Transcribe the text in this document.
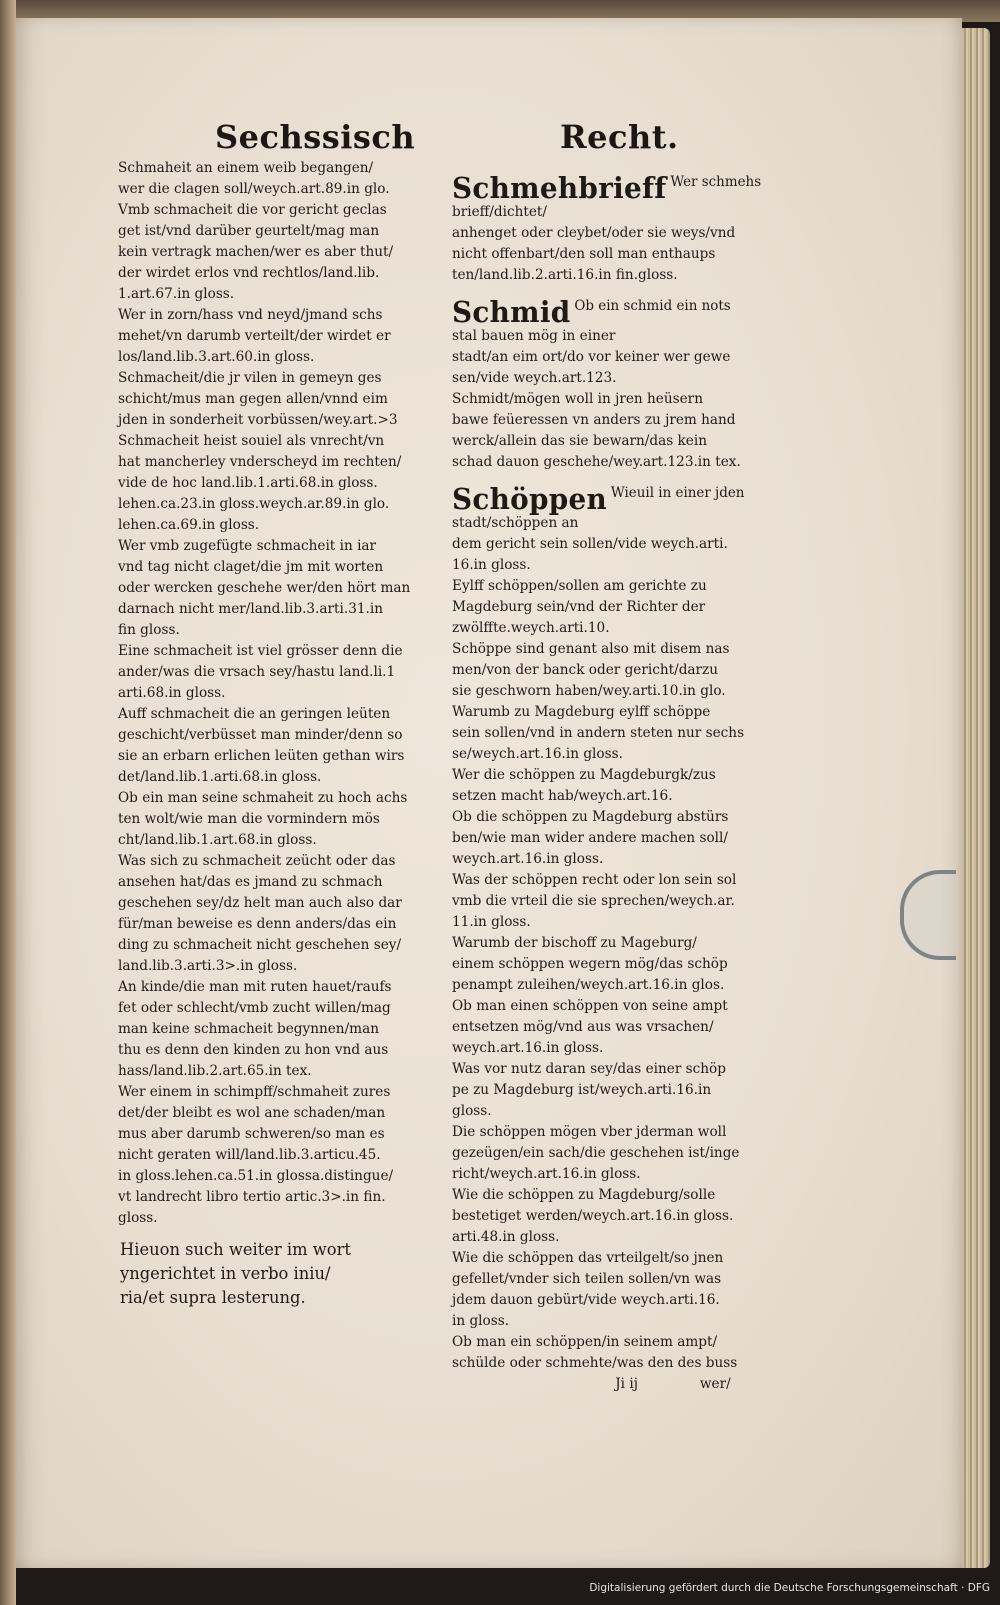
Sechssisch	Recht.
Schmaheit an einem weib begangen/
wer die clagen soll/weych.art.89.in glo.
Vmb schmacheit die vor gericht geclas
get ist/vnd darüber geurtelt/mag man
kein vertragk machen/wer es aber thut/
der wirdet erlos vnd rechtlos/land.lib.
1.art.67.in gloss.
Wer in zorn/hass vnd neyd/jmand schs
mehet/vn darumb verteilt/der wirdet er
los/land.lib.3.art.60.in gloss.
Schmacheit/die jr vilen in gemeyn ges
schicht/mus man gegen allen/vnnd eim
jden in sonderheit vorbüssen/wey.art.>3
Schmacheit heist souiel als vnrecht/vn
hat mancherley vnderscheyd im rechten/
vide de hoc land.lib.1.arti.68.in gloss.
lehen.ca.23.in gloss.weych.ar.89.in glo.
lehen.ca.69.in gloss.
Wer vmb zugefügte schmacheit in iar
vnd tag nicht claget/die jm mit worten
oder wercken geschehe wer/den hört man
darnach nicht mer/land.lib.3.arti.31.in
fin gloss.
Eine schmacheit ist viel grösser denn die
ander/was die vrsach sey/hastu land.li.1
arti.68.in gloss.
Auff schmacheit die an geringen leüten
geschicht/verbüsset man minder/denn so
sie an erbarn erlichen leüten gethan wirs
det/land.lib.1.arti.68.in gloss.
Ob ein man seine schmaheit zu hoch achs
ten wolt/wie man die vormindern mös
cht/land.lib.1.art.68.in gloss.
Was sich zu schmacheit zeücht oder das
ansehen hat/das es jmand zu schmach
geschehen sey/dz helt man auch also dar
für/man beweise es denn anders/das ein
ding zu schmacheit nicht geschehen sey/
land.lib.3.arti.3>.in gloss.
An kinde/die man mit ruten hauet/raufs
fet oder schlecht/vmb zucht willen/mag
man keine schmacheit begynnen/man
thu es denn den kinden zu hon vnd aus
hass/land.lib.2.art.65.in tex.
Wer einem in schimpff/schmaheit zures
det/der bleibt es wol ane schaden/man
mus aber darumb schweren/so man es
nicht geraten will/land.lib.3.articu.45.
in gloss.lehen.ca.51.in glossa.distingue/
vt landrecht libro tertio artic.3>.in fin.
gloss.
Hieuon such weiter im wort
yngerichtet in verbo iniu/
ria/et supra lesterung.
Schmehbrieff Wer schmehs
brieff/dichtet/
anhenget oder cleybet/oder sie weys/vnd
nicht offenbart/den soll man enthaups
ten/land.lib.2.arti.16.in fin.gloss.
Schmid Ob ein schmid ein nots
stal bauen mög in einer
stadt/an eim ort/do vor keiner wer gewe
sen/vide weych.art.123.
Schmidt/mögen woll in jren heüsern
bawe feüeressen vn anders zu jrem hand
werck/allein das sie bewarn/das kein
schad dauon geschehe/wey.art.123.in tex.
Schöppen Wieuil in einer jden
stadt/schöppen an
dem gericht sein sollen/vide weych.arti.
16.in gloss.
Eylff schöppen/sollen am gerichte zu
Magdeburg sein/vnd der Richter der
zwölffte.weych.arti.10.
Schöppe sind genant also mit disem nas
men/von der banck oder gericht/darzu
sie geschworn haben/wey.arti.10.in glo.
Warumb zu Magdeburg eylff schöppe
sein sollen/vnd in andern steten nur sechs
se/weych.art.16.in gloss.
Wer die schöppen zu Magdeburgk/zus
setzen macht hab/weych.art.16.
Ob die schöppen zu Magdeburg abstürs
ben/wie man wider andere machen soll/
weych.art.16.in gloss.
Was der schöppen recht oder lon sein sol
vmb die vrteil die sie sprechen/weych.ar.
11.in gloss.
Warumb der bischoff zu Mageburg/
einem schöppen wegern mög/das schöp
penampt zuleihen/weych.art.16.in glos.
Ob man einen schöppen von seine ampt
entsetzen mög/vnd aus was vrsachen/
weych.art.16.in gloss.
Was vor nutz daran sey/das einer schöp
pe zu Magdeburg ist/weych.arti.16.in
gloss.
Die schöppen mögen vber jderman woll
gezeügen/ein sach/die geschehen ist/inge
richt/weych.art.16.in gloss.
Wie die schöppen zu Magdeburg/solle
bestetiget werden/weych.art.16.in gloss.
arti.48.in gloss.
Wie die schöppen das vrteilgelt/so jnen
gefellet/vnder sich teilen sollen/vn was
jdem dauon gebürt/vide weych.arti.16.
in gloss.
Ob man ein schöppen/in seinem ampt/
schülde oder schmehte/was den des buss
Ji ij	wer/
Digitalisierung gefördert durch die Deutsche Forschungsgemeinschaft · DFG
